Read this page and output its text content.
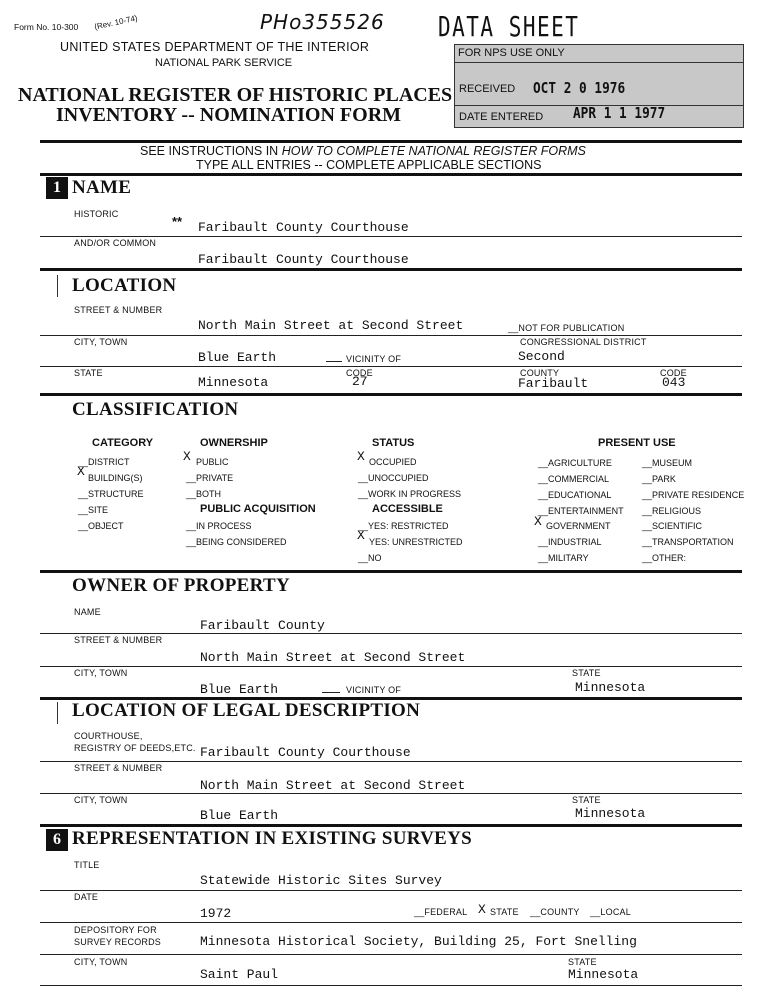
Form No. 10-300 (Rev. 10-74)	PHo355526 DATA SHEET
UNITED STATES DEPARTMENT OF THE INTERIOR
NATIONAL PARK SERVICE
NATIONAL REGISTER OF HISTORIC PLACES
INVENTORY -- NOMINATION FORM
FOR NPS USE ONLY
RECEIVED OCT 2 0 1976
DATE ENTERED APR 1 1 1977
SEE INSTRUCTIONS IN HOW TO COMPLETE NATIONAL REGISTER FORMS
TYPE ALL ENTRIES -- COMPLETE APPLICABLE SECTIONS
1 NAME
HISTORIC	** Faribault County Courthouse
AND/OR COMMON
Faribault County Courthouse
LOCATION
STREET & NUMBER
North Main Street at Second Street	__NOT FOR PUBLICATION
CITY, TOWN	CONGRESSIONAL DISTRICT
Blue Earth	VICINITY OF	Second
STATE	CODE	COUNTY	CODE
Minnesota	27	Faribault	043
CLASSIFICATION
CATEGORY
__DISTRICT
X BUILDING(S)
__STRUCTURE
__SITE
__OBJECT
OWNERSHIP
X PUBLIC
__PRIVATE
__BOTH
PUBLIC ACQUISITION
__IN PROCESS
__BEING CONSIDERED
STATUS
X OCCUPIED
__UNOCCUPIED
__WORK IN PROGRESS
ACCESSIBLE
__YES: RESTRICTED
X YES: UNRESTRICTED
__NO
PRESENT USE
__AGRICULTURE
__COMMERCIAL
__EDUCATIONAL
__ENTERTAINMENT
X GOVERNMENT
__INDUSTRIAL
__MILITARY
__MUSEUM
__PARK
__PRIVATE RESIDENCE
__RELIGIOUS
__SCIENTIFIC
__TRANSPORTATION
__OTHER:
OWNER OF PROPERTY
NAME
Faribault County
STREET & NUMBER
North Main Street at Second Street
CITY, TOWN	STATE
Blue Earth	VICINITY OF	Minnesota
LOCATION OF LEGAL DESCRIPTION
COURTHOUSE,
REGISTRY OF DEEDS,ETC. Faribault County Courthouse
STREET & NUMBER
North Main Street at Second Street
CITY, TOWN	STATE
Blue Earth	Minnesota
6 REPRESENTATION IN EXISTING SURVEYS
TITLE
Statewide Historic Sites Survey
DATE
1972	__FEDERAL X STATE __COUNTY __LOCAL
DEPOSITORY FOR
SURVEY RECORDS	Minnesota Historical Society, Building 25, Fort Snelling
CITY, TOWN	STATE
Saint Paul	Minnesota
